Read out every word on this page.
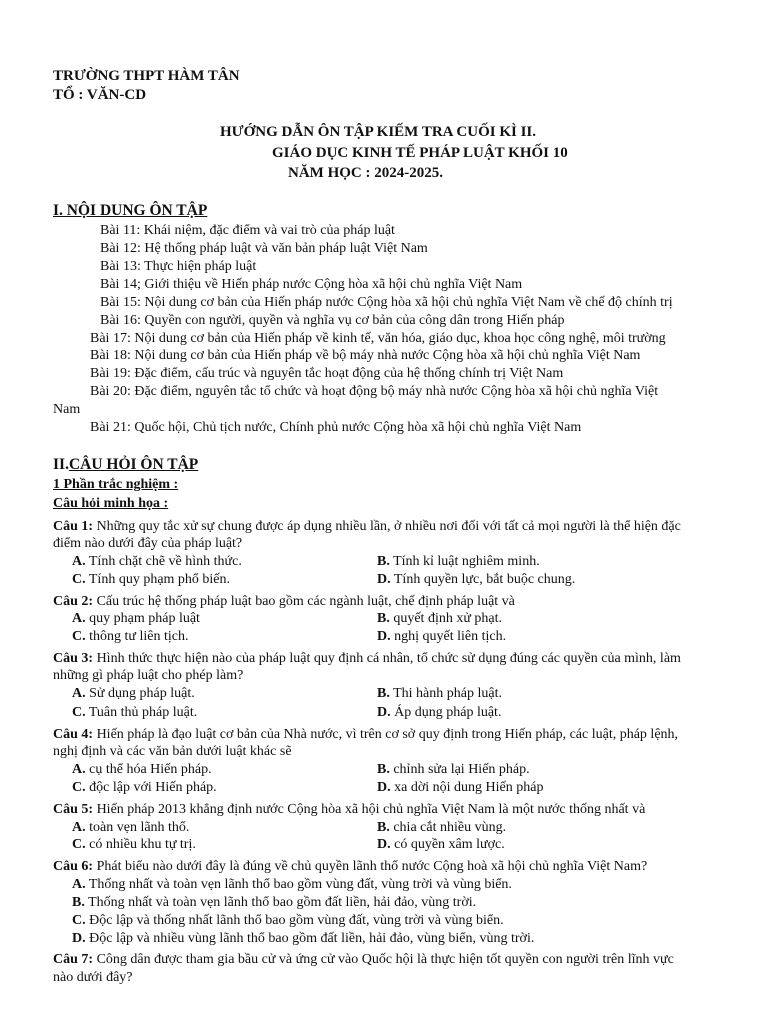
TRƯỜNG THPT HÀM TÂN
TỔ : VĂN-CD
HƯỚNG DẪN ÔN TẬP KIẾM TRA CUỐI KÌ II.
GIÁO DỤC KINH TẾ PHÁP LUẬT KHỐI 10
NĂM HỌC : 2024-2025.
I. NỘI DUNG ÔN TẬP
Bài 11: Khái niệm, đặc điểm và vai trò của pháp luật
Bài 12: Hệ thống pháp luật và văn bản pháp luật Việt Nam
Bài 13: Thực hiện pháp luật
Bài 14; Giới thiệu về Hiến pháp nước Cộng hòa xã hội chủ nghĩa Việt Nam
Bài 15: Nội dung cơ bản của Hiến pháp nước Cộng hòa xã hội chủ nghĩa Việt Nam về chế độ chính trị
Bài 16: Quyền con người, quyền và nghĩa vụ cơ bản của công dân trong Hiến pháp
Bài 17: Nội dung cơ bản của Hiến pháp về kinh tế, văn hóa, giáo dục, khoa học công nghệ, môi trường
Bài 18: Nội dung cơ bản của Hiến pháp về bộ máy nhà nước Cộng hòa xã hội chủ nghĩa Việt Nam
Bài 19: Đặc điểm, cấu trúc và nguyên tắc hoạt động của hệ thống chính trị Việt Nam
Bài 20: Đặc điểm, nguyên tắc tổ chức và hoạt động bộ máy nhà nước Cộng hòa xã hội chủ nghĩa Việt
Nam
Bài 21: Quốc hội, Chủ tịch nước, Chính phủ nước Cộng hòa xã hội chủ nghĩa Việt Nam
II.CÂU HỎI ÔN TẬP
1 Phần trắc nghiệm :
Câu hỏi minh họa :
Câu 1: Những quy tắc xử sự chung được áp dụng nhiều lần, ở nhiều nơi đối với tất cả mọi người là thể hiện đặc
điểm nào dưới đây của pháp luật?
A. Tính chặt chẽ về hình thức.	B. Tính kỉ luật nghiêm minh.
C. Tính quy phạm phổ biến.	D. Tính quyền lực, bắt buộc chung.
Câu 2: Cấu trúc hệ thống pháp luật bao gồm các ngành luật, chế định pháp luật và
A. quy phạm pháp luật	B. quyết định xử phạt.
C. thông tư liên tịch.	D. nghị quyết liên tịch.
Câu 3: Hình thức thực hiện nào của pháp luật quy định cá nhân, tổ chức sử dụng đúng các quyền của mình, làm
những gì pháp luật cho phép làm?
A. Sử dụng pháp luật.	B. Thi hành pháp luật.
C. Tuân thủ pháp luật.	D. Áp dụng pháp luật.
Câu 4: Hiến pháp là đạo luật cơ bản của Nhà nước, vì trên cơ sở quy định trong Hiến pháp, các luật, pháp lệnh,
nghị định và các văn bản dưới luật khác sẽ
A. cụ thể hóa Hiến pháp.	B. chỉnh sửa lại Hiến pháp.
C. độc lập với Hiến pháp.	D. xa dời nội dung Hiến pháp
Câu 5: Hiến pháp 2013 khẳng định nước Cộng hòa xã hội chủ nghĩa Việt Nam là một nước thống nhất và
A. toàn vẹn lãnh thổ.	B. chia cắt nhiều vùng.
C. có nhiều khu tự trị.	D. có quyền xâm lược.
Câu 6: Phát biểu nào dưới đây là đúng về chủ quyền lãnh thổ nước Cộng hoà xã hội chủ nghĩa Việt Nam?
A. Thống nhất và toàn vẹn lãnh thổ bao gồm vùng đất, vùng trời và vùng biển.
B. Thống nhất và toàn vẹn lãnh thổ bao gồm đất liền, hải đảo, vùng trời.
C. Độc lập và thống nhất lãnh thổ bao gồm vùng đất, vùng trời và vùng biển.
D. Độc lập và nhiều vùng lãnh thổ bao gồm đất liền, hải đảo, vùng biển, vùng trời.
Câu 7: Công dân được tham gia bầu cử và ứng cử vào Quốc hội là thực hiện tốt quyền con người trên lĩnh vực
nào dưới đây?
